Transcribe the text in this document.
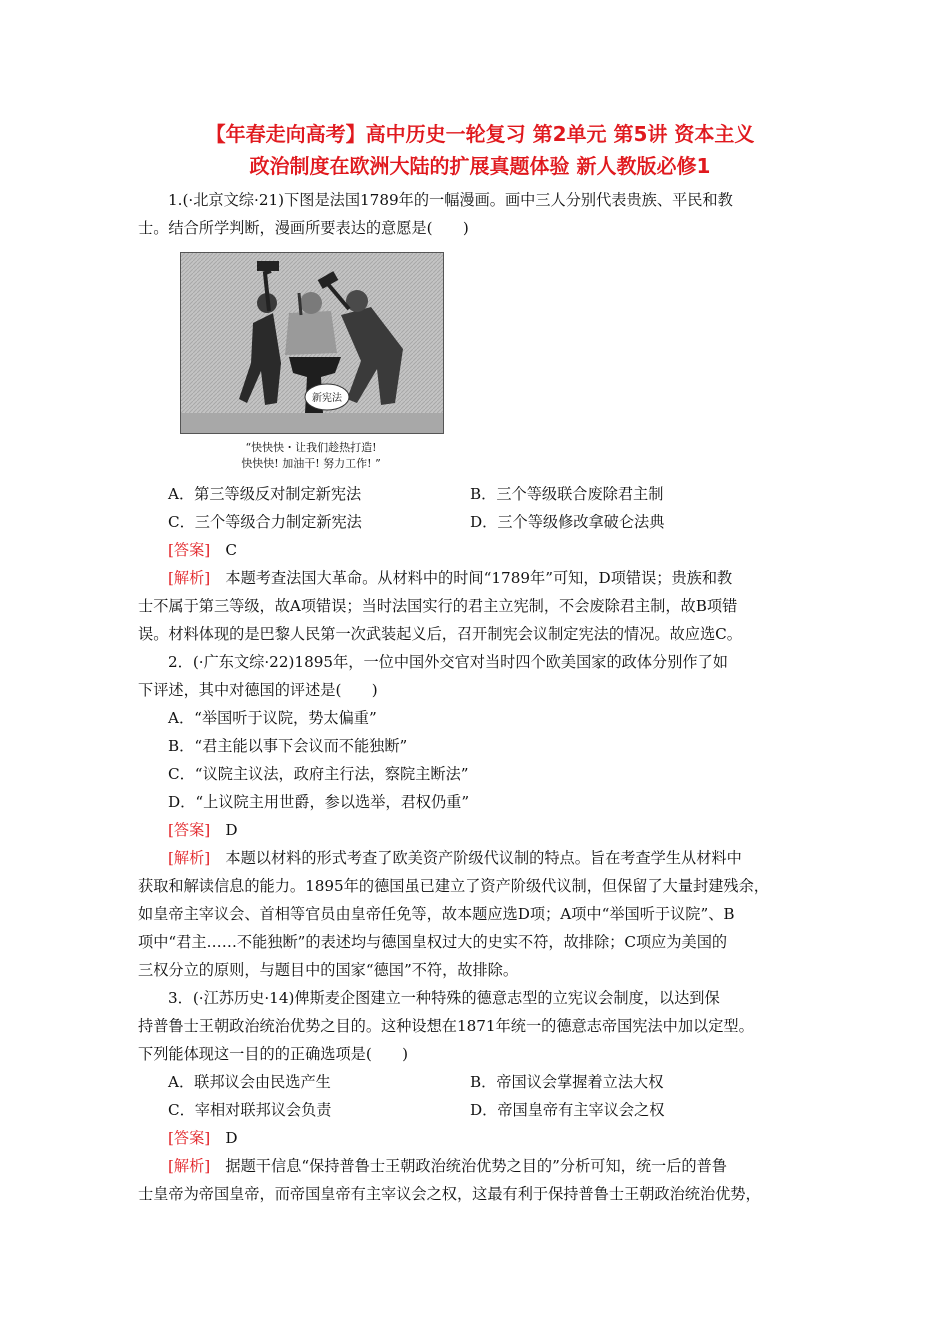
【年春走向高考】高中历史一轮复习 第2单元 第5讲 资本主义
政治制度在欧洲大陆的扩展真题体验 新人教版必修1
1.(·北京文综·21)下图是法国1789年的一幅漫画。画中三人分别代表贵族、平民和教
士。结合所学判断，漫画所要表达的意愿是(　　)
新宪法
“快快快・让我们趁热打造!
快快快! 加油干! 努力工作! ”
A．第三等级反对制定新宪法	B．三个等级联合废除君主制
C．三个等级合力制定新宪法	D．三个等级修改拿破仑法典
[答案]　 C
[解析]　 本题考查法国大革命。从材料中的时间“1789年”可知，D项错误；贵族和教
士不属于第三等级，故A项错误；当时法国实行的君主立宪制，不会废除君主制，故B项错
误。材料体现的是巴黎人民第一次武装起义后，召开制宪会议制定宪法的情况。故应选C。
2．(·广东文综·22)1895年，一位中国外交官对当时四个欧美国家的政体分别作了如
下评述，其中对德国的评述是(　　)
A．“举国听于议院，势太偏重”
B．“君主能以事下会议而不能独断”
C．“议院主议法，政府主行法，察院主断法”
D．“上议院主用世爵，参以选举，君权仍重”
[答案]　 D
[解析]　 本题以材料的形式考查了欧美资产阶级代议制的特点。旨在考查学生从材料中
获取和解读信息的能力。1895年的德国虽已建立了资产阶级代议制，但保留了大量封建残余，
如皇帝主宰议会、首相等官员由皇帝任免等，故本题应选D项；A项中“举国听于议院”、B
项中“君主……不能独断”的表述均与德国皇权过大的史实不符，故排除；C项应为美国的
三权分立的原则，与题目中的国家“德国”不符，故排除。
3．(·江苏历史·14)俾斯麦企图建立一种特殊的德意志型的立宪议会制度，以达到保
持普鲁士王朝政治统治优势之目的。这种设想在1871年统一的德意志帝国宪法中加以定型。
下列能体现这一目的的正确选项是(　　)
A．联邦议会由民选产生	B．帝国议会掌握着立法大权
C．宰相对联邦议会负责	D．帝国皇帝有主宰议会之权
[答案]　 D
[解析]　 据题干信息“保持普鲁士王朝政治统治优势之目的”分析可知，统一后的普鲁
士皇帝为帝国皇帝，而帝国皇帝有主宰议会之权，这最有利于保持普鲁士王朝政治统治优势，
